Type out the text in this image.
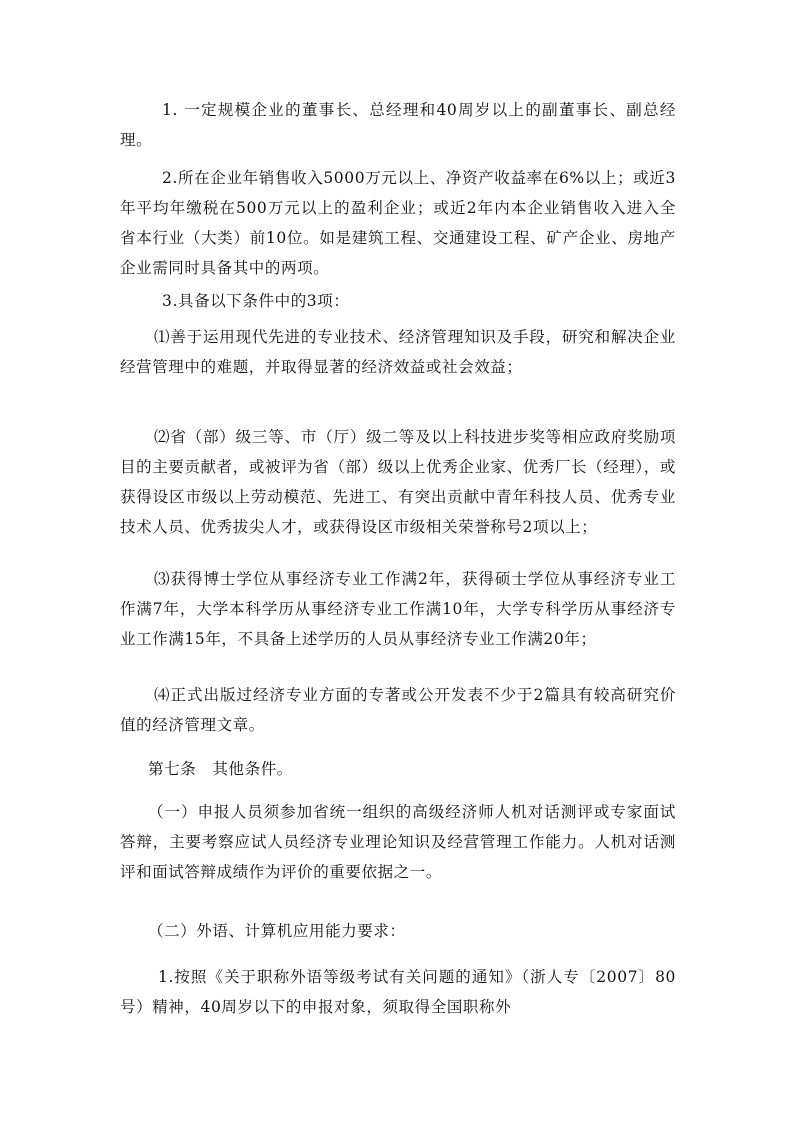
1. 一定规模企业的董事长、总经理和40周岁以上的副董事长、副总经理。

2.所在企业年销售收入5000万元以上、净资产收益率在6%以上；或近3年平均年缴税在500万元以上的盈利企业；或近2年内本企业销售收入进入全省本行业（大类）前10位。如是建筑工程、交通建设工程、矿产企业、房地产企业需同时具备其中的两项。

3.具备以下条件中的3项：

⑴善于运用现代先进的专业技术、经济管理知识及手段，研究和解决企业经营管理中的难题，并取得显著的经济效益或社会效益；

⑵省（部）级三等、市（厅）级二等及以上科技进步奖等相应政府奖励项目的主要贡献者，或被评为省（部）级以上优秀企业家、优秀厂长（经理），或获得设区市级以上劳动模范、先进工、有突出贡献中青年科技人员、优秀专业技术人员、优秀拔尖人才，或获得设区市级相关荣誉称号2项以上；

⑶获得博士学位从事经济专业工作满2年，获得硕士学位从事经济专业工作满7年，大学本科学历从事经济专业工作满10年，大学专科学历从事经济专业工作满15年，不具备上述学历的人员从事经济专业工作满20年；

⑷正式出版过经济专业方面的专著或公开发表不少于2篇具有较高研究价值的经济管理文章。

第七条　其他条件。

（一）申报人员须参加省统一组织的高级经济师人机对话测评或专家面试答辩，主要考察应试人员经济专业理论知识及经营管理工作能力。人机对话测评和面试答辩成绩作为评价的重要依据之一。

（二）外语、计算机应用能力要求：

1.按照《关于职称外语等级考试有关问题的通知》（浙人专〔2007〕80号）精神，40周岁以下的申报对象，须取得全国职称外
